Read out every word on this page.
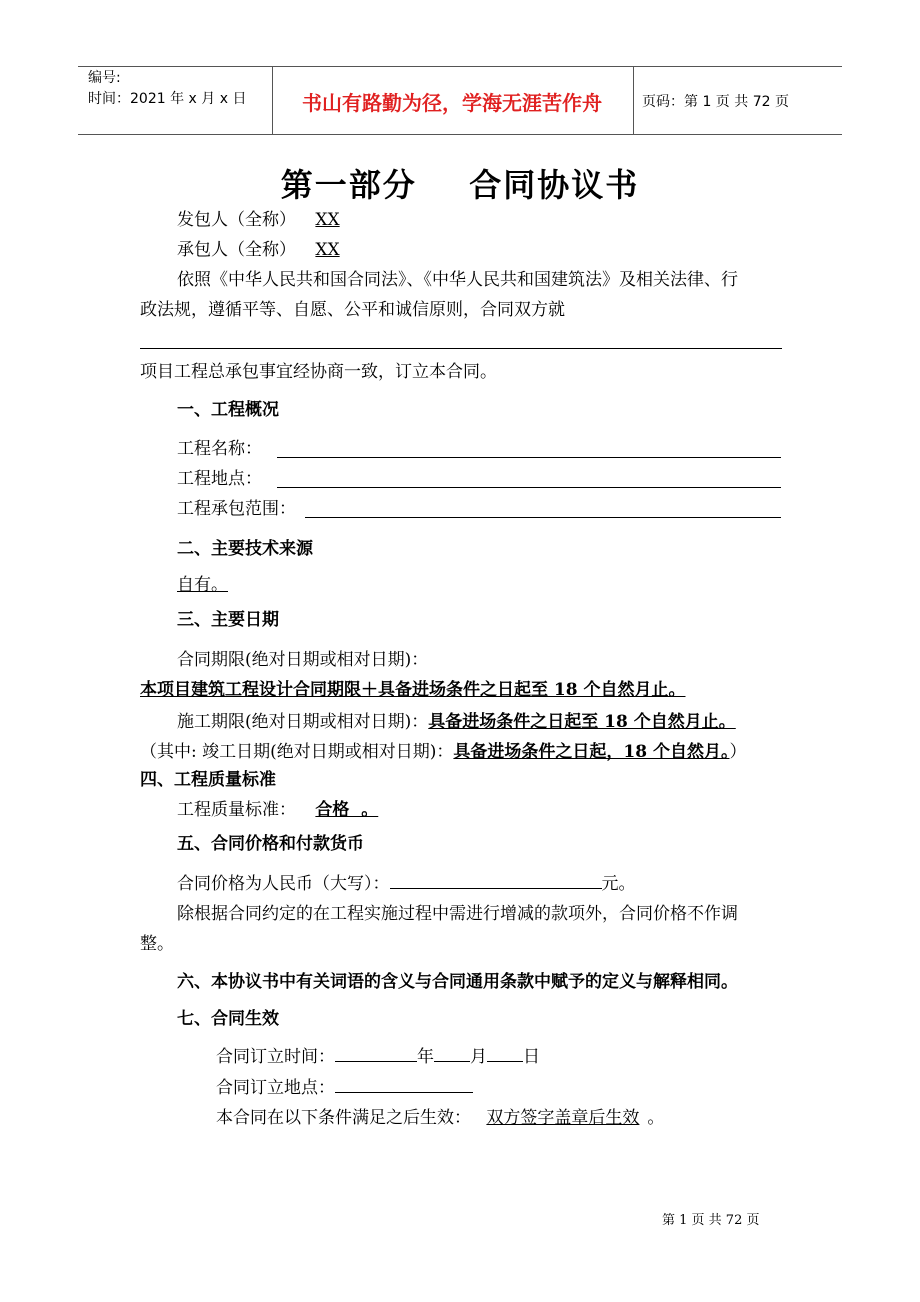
编号:
时间：2021 年 x 月 x 日	书山有路勤为径，学海无涯苦作舟	页码：第 1 页 共 72 页
第一部分    合同协议书
发包人（全称） XX
承包人（全称） XX
依照《中华人民共和国合同法》、《中华人民共和国建筑法》及相关法律、行
政法规，遵循平等、自愿、公平和诚信原则，合同双方就
项目工程总承包事宜经协商一致，订立本合同。
一、工程概况
工程名称：
工程地点：
工程承包范围：
二、主要技术来源
自有。
三、主要日期
合同期限(绝对日期或相对日期)：
本项目建筑工程设计合同期限＋具备进场条件之日起至 18 个自然月止。
施工期限(绝对日期或相对日期)：具备进场条件之日起至 18 个自然月止。
（其中: 竣工日期(绝对日期或相对日期)：具备进场条件之日起，18 个自然月。）
四、工程质量标准
工程质量标准： 合格  。
五、合同价格和付款货币
合同价格为人民币（大写）：	元。
除根据合同约定的在工程实施过程中需进行增减的款项外，合同价格不作调
整。
六、本协议书中有关词语的含义与合同通用条款中赋予的定义与解释相同。
七、合同生效
合同订立时间：	年 月 日
合同订立地点：
本合同在以下条件满足之后生效： 双方签字盖章后生效 。
第 1 页 共 72 页
